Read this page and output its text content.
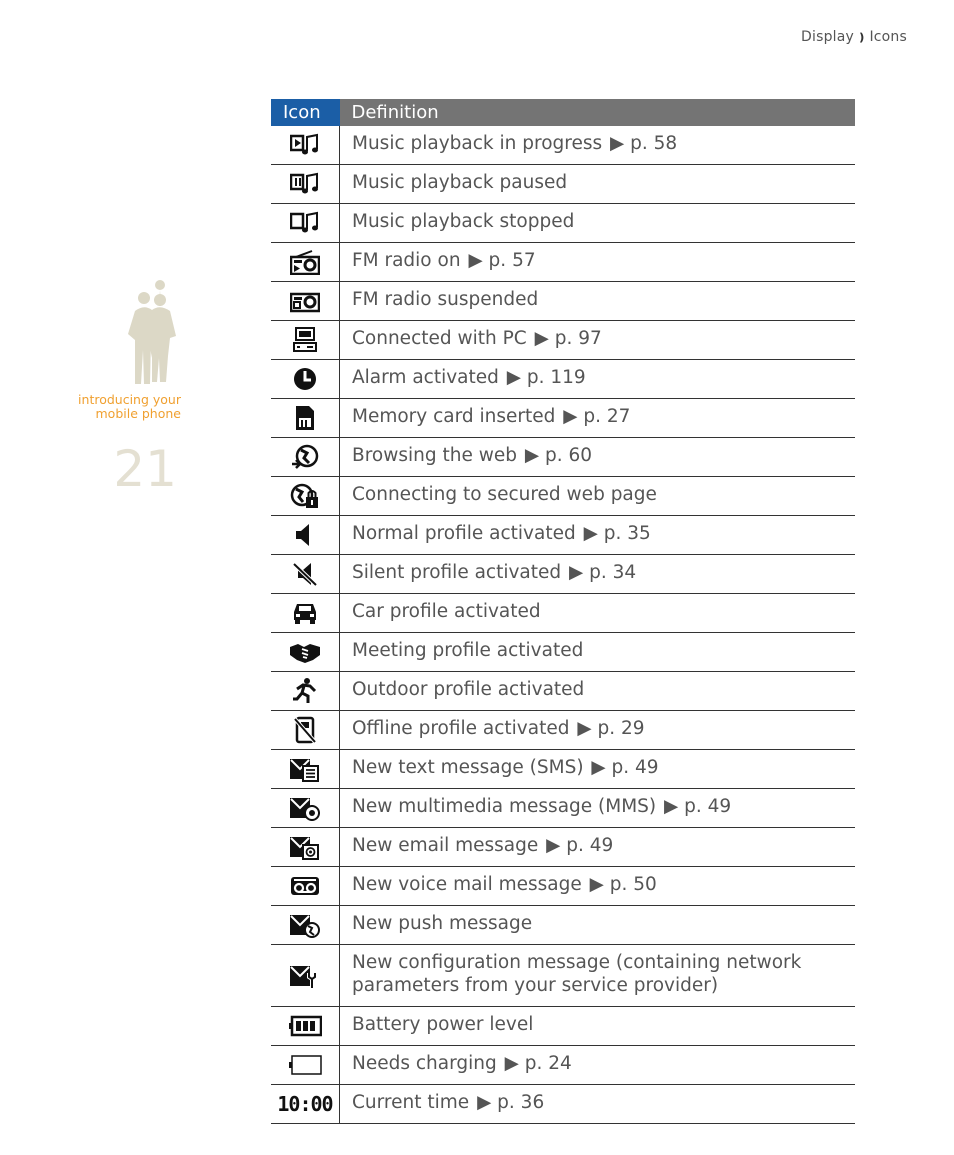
Display ❫ Icons
introducing your
mobile phone
21
Icon	Definition

	Music playback in progress ▶ p. 58

	Music playback paused

	Music playback stopped

	FM radio on ▶ p. 57

	FM radio suspended

	Connected with PC ▶ p. 97

	Alarm activated ▶ p. 119

	Memory card inserted ▶ p. 27

	Browsing the web ▶ p. 60

	Connecting to secured web page

	Normal profile activated ▶ p. 35

	Silent profile activated ▶ p. 34

	Car profile activated

	Meeting profile activated

	Outdoor profile activated

	Offline profile activated ▶ p. 29

	New text message (SMS) ▶ p. 49

	New multimedia message (MMS) ▶ p. 49

	New email message ▶ p. 49

	New voice mail message ▶ p. 50

	New push message

	New configuration message (containing network parameters from your service provider)

	Battery power level

	Needs charging ▶ p. 24
10:00	Current time ▶ p. 36
